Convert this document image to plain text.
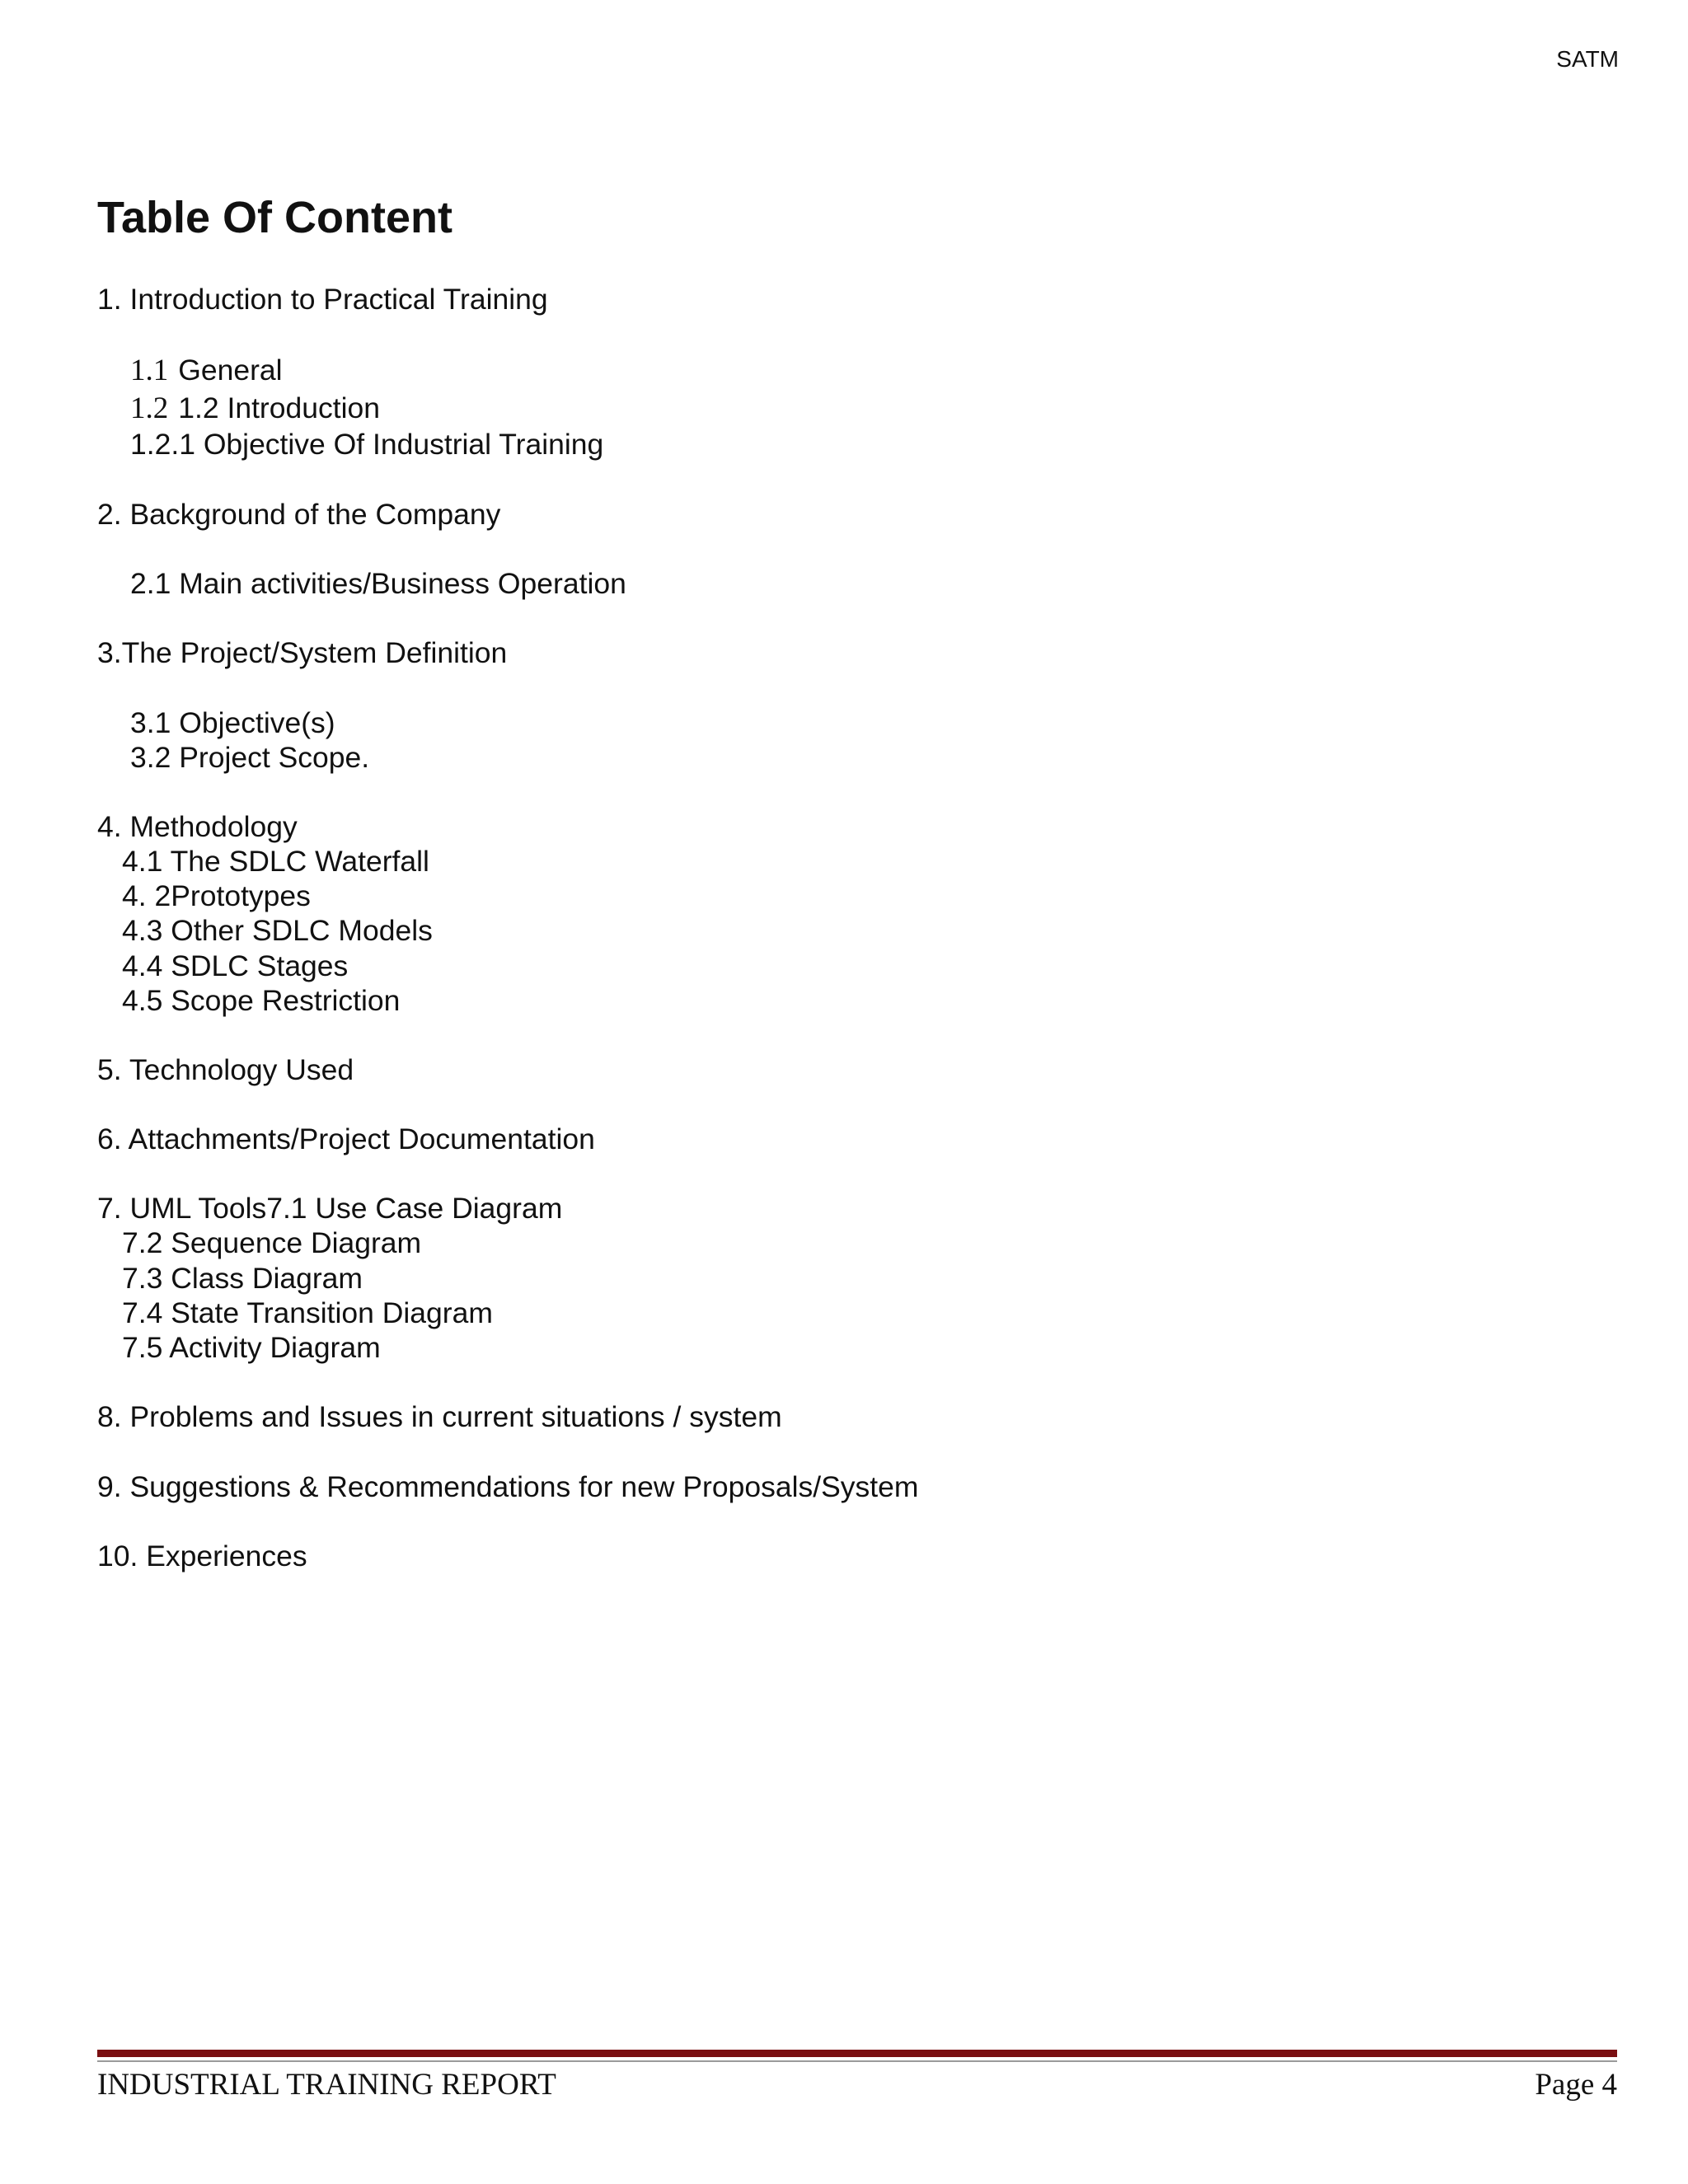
SATM
Table Of Content
1. Introduction to Practical Training
1.1 General
1.2 1.2 Introduction
1.2.1 Objective Of Industrial Training
2. Background of the Company
2.1 Main activities/Business Operation
3.The Project/System Definition
3.1 Objective(s)
3.2 Project Scope.
4. Methodology
4.1 The SDLC Waterfall
4. 2Prototypes
4.3 Other SDLC Models
4.4 SDLC Stages
4.5 Scope Restriction
5. Technology Used
6. Attachments/Project Documentation
7. UML Tools7.1 Use Case Diagram
7.2 Sequence Diagram
7.3 Class Diagram
7.4 State Transition Diagram
7.5 Activity Diagram
8. Problems and Issues in current situations / system
9. Suggestions & Recommendations for new Proposals/System
10. Experiences
INDUSTRIAL TRAINING REPORT	Page 4
